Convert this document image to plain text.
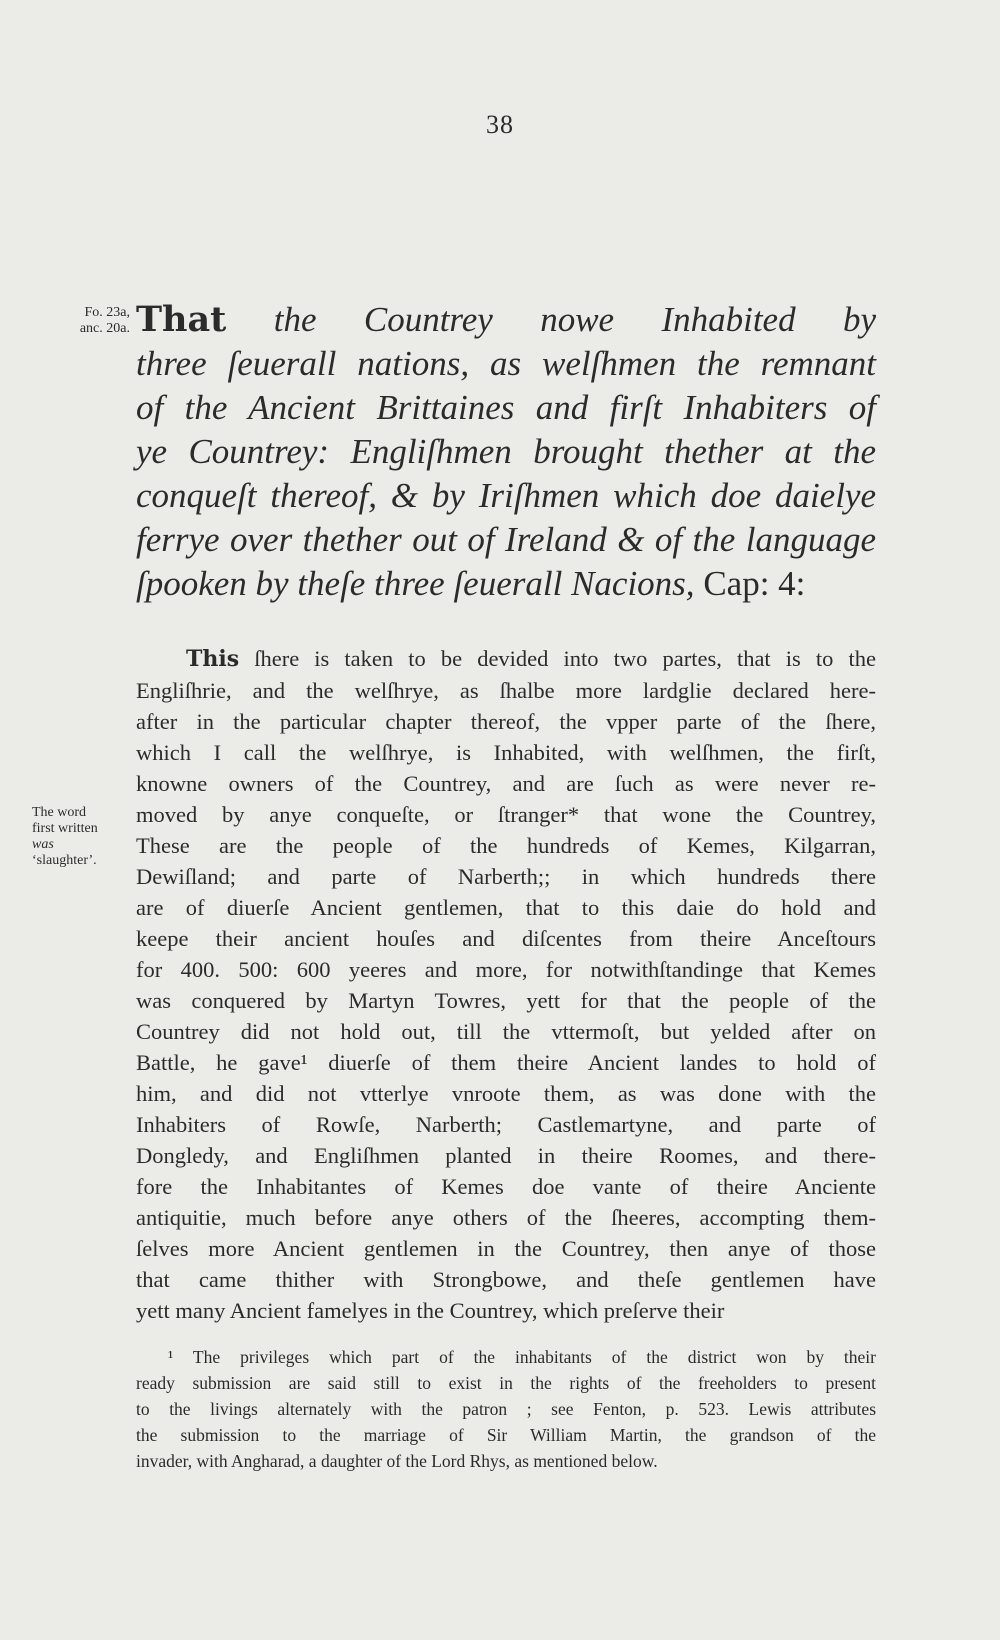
38
Fo. 23a,
anc. 20a.
The word
first written
was
‘slaughter’.
That the Countrey nowe Inhabited by
three ſeuerall nations, as welſhmen the remnant
of the Ancient Brittaines and firſt Inhabiters of
ye Countrey: Engliſhmen brought thether at the
conqueſt thereof, & by Iriſhmen which doe daielye
ferrye over thether out of Ireland & of the language
ſpooken by theſe three ſeuerall Nacions, Cap: 4:
This ſhere is taken to be devided into two partes, that is to the
Engliſhrie, and the welſhrye, as ſhalbe more lardglie declared here-
after in the particular chapter thereof, the vpper parte of the ſhere,
which I call the welſhrye, is Inhabited, with welſhmen, the firſt,
knowne owners of the Countrey, and are ſuch as were never re-
moved by anye conqueſte, or ſtranger* that wone the Countrey,
These are the people of the hundreds of Kemes, Kilgarran,
Dewiſland; and parte of Narberth;; in which hundreds there
are of diuerſe Ancient gentlemen, that to this daie do hold and
keepe their ancient houſes and diſcentes from theire Anceſtours
for 400. 500: 600 yeeres and more, for notwithſtandinge that Kemes
was conquered by Martyn Towres, yett for that the people of the
Countrey did not hold out, till the vttermoſt, but yelded after on
Battle, he gave¹ diuerſe of them theire Ancient landes to hold of
him, and did not vtterlye vnroote them, as was done with the
Inhabiters of Rowſe, Narberth; Castlemartyne, and parte of
Dongledy, and Engliſhmen planted in theire Roomes, and there-
fore the Inhabitantes of Kemes doe vante of theire Anciente
antiquitie, much before anye others of the ſheeres, accompting them-
ſelves more Ancient gentlemen in the Countrey, then anye of those
that came thither with Strongbowe, and theſe gentlemen have
yett many Ancient famelyes in the Countrey, which preſerve their
¹ The privileges which part of the inhabitants of the district won by their
ready submission are said still to exist in the rights of the freeholders to present
to the livings alternately with the patron ; see Fenton, p. 523. Lewis attributes
the submission to the marriage of Sir William Martin, the grandson of the
invader, with Angharad, a daughter of the Lord Rhys, as mentioned below.
